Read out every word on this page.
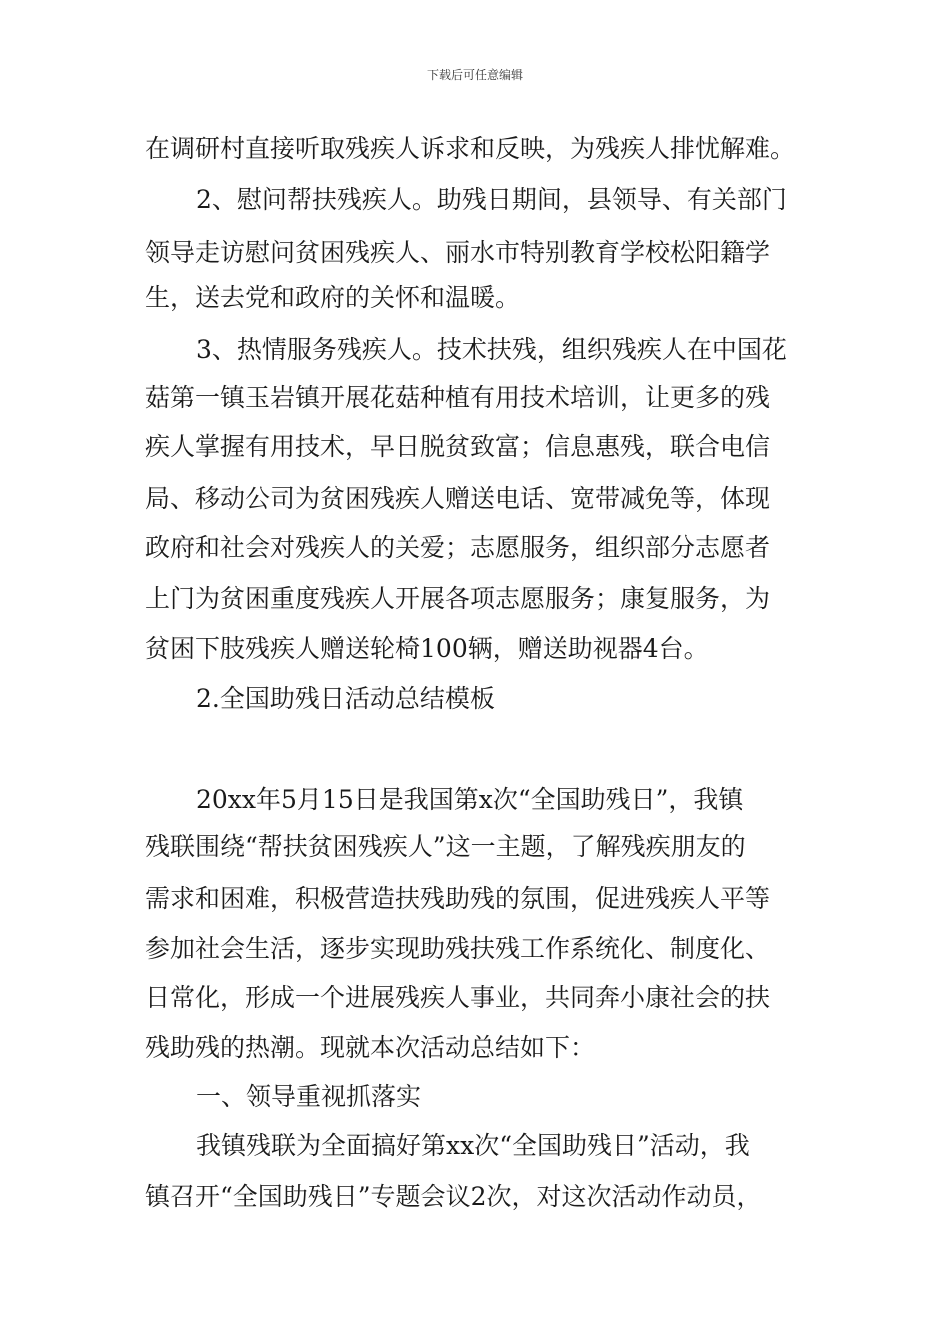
下载后可任意编辑
在调研村直接听取残疾人诉求和反映，为残疾人排忧解难。
2、慰问帮扶残疾人。助残日期间，县领导、有关部门
领导走访慰问贫困残疾人、丽水市特别教育学校松阳籍学
生，送去党和政府的关怀和温暖。
3、热情服务残疾人。技术扶残，组织残疾人在中国花
菇第一镇玉岩镇开展花菇种植有用技术培训，让更多的残
疾人掌握有用技术，早日脱贫致富；信息惠残，联合电信
局、移动公司为贫困残疾人赠送电话、宽带减免等，体现
政府和社会对残疾人的关爱；志愿服务，组织部分志愿者
上门为贫困重度残疾人开展各项志愿服务；康复服务，为
贫困下肢残疾人赠送轮椅100辆，赠送助视器4台。
2.全国助残日活动总结模板
20xx年5月15日是我国第x次“全国助残日”，我镇
残联围绕“帮扶贫困残疾人”这一主题，了解残疾朋友的
需求和困难，积极营造扶残助残的氛围，促进残疾人平等
参加社会生活，逐步实现助残扶残工作系统化、制度化、
日常化，形成一个进展残疾人事业，共同奔小康社会的扶
残助残的热潮。现就本次活动总结如下：
一、领导重视抓落实
我镇残联为全面搞好第xx次“全国助残日”活动，我
镇召开“全国助残日”专题会议2次，对这次活动作动员，
